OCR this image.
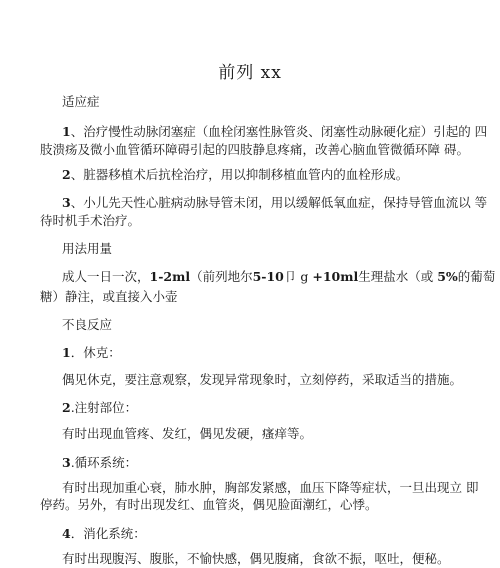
前列 xx
适应症
1、治疗慢性动脉闭塞症（血栓闭塞性脉管炎、闭塞性动脉硬化症）引起的 四
肢溃疡及微小血管循环障碍引起的四肢静息疼痛，改善心脑血管微循环障 碍。
2、脏器移植术后抗栓治疗，用以抑制移植血管内的血栓形成。
3、小儿先天性心脏病动脉导管未闭，用以缓解低氧血症，保持导管血流以 等
待时机手术治疗。
用法用量
成人一日一次，1-2ml（前列地尔5-10卩 g +10ml生理盐水（或 5%的葡萄
糖）静注，或直接入小壶
不良反应
1．休克：
偶见休克，要注意观察，发现异常现象时，立刻停药，采取适当的措施。
2.注射部位：
有时出现血管疼、发红，偶见发硬，瘙痒等。
3.循环系统：
有时出现加重心衰，肺水肿，胸部发紧感，血压下降等症状，一旦出现立 即
停药。另外，有时出现发红、血管炎，偶见脸面潮红，心悸。
4．消化系统：
有时出现腹泻、腹胀，不愉快感，偶见腹痛，食欲不振，呕吐，便秘。
